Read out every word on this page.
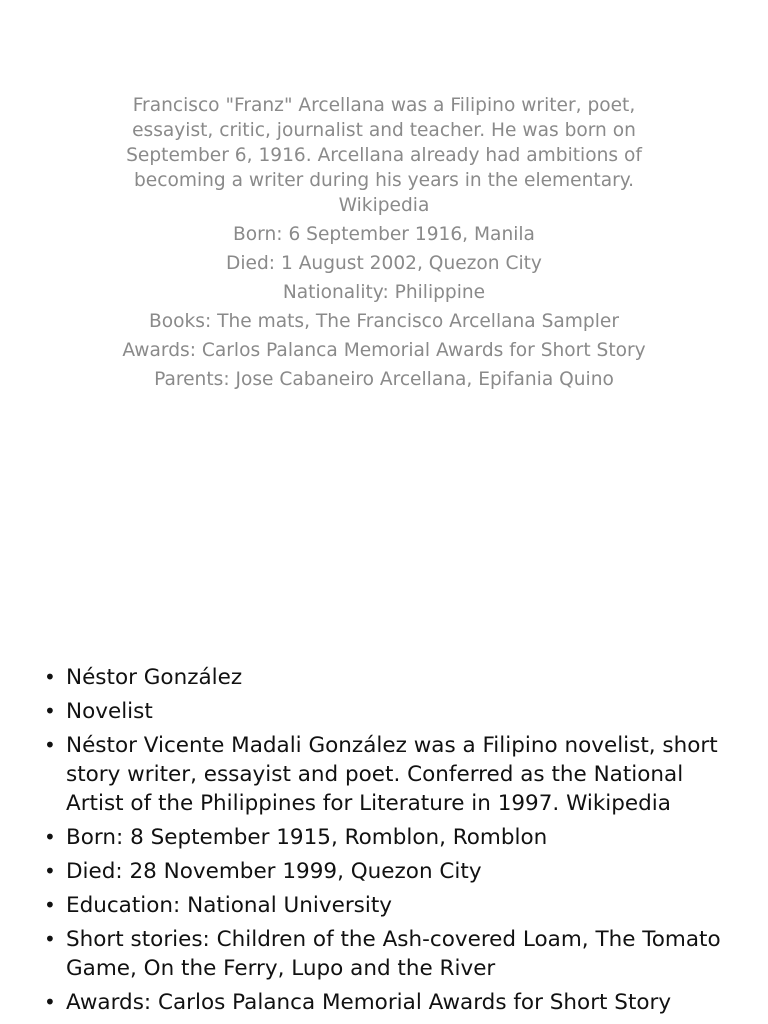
Francisco "Franz" Arcellana was a Filipino writer, poet, essayist, critic, journalist and teacher. He was born on September 6, 1916. Arcellana already had ambitions of becoming a writer during his years in the elementary. Wikipedia
Born: 6 September 1916, Manila
Died: 1 August 2002, Quezon City
Nationality: Philippine
Books: The mats, The Francisco Arcellana Sampler
Awards: Carlos Palanca Memorial Awards for Short Story
Parents: Jose Cabaneiro Arcellana, Epifania Quino
• Néstor González
• Novelist
• Néstor Vicente Madali González was a Filipino novelist, short story writer, essayist and poet. Conferred as the National Artist of the Philippines for Literature in 1997. Wikipedia
• Born: 8 September 1915, Romblon, Romblon
• Died: 28 November 1999, Quezon City
• Education: National University
• Short stories: Children of the Ash-covered Loam, The Tomato Game, On the Ferry, Lupo and the River
• Awards: Carlos Palanca Memorial Awards for Short Story
